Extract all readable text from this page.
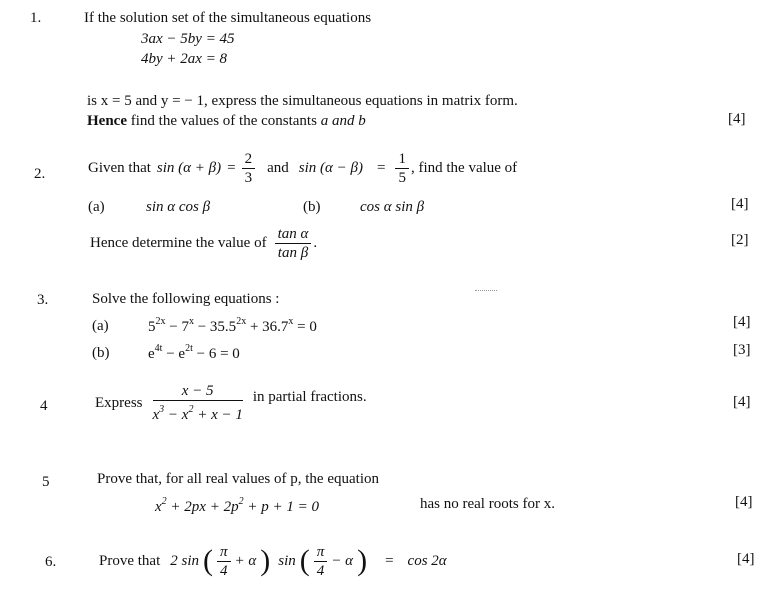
1.	If the solution set of the simultaneous equations
3ax − 5by = 45
4by + 2ax = 8
is x = 5 and y = − 1, express the simultaneous equations in matrix form.
Hence find the values of the constants a and b	[4]
2.	Given that $\sin (\alpha + \beta) = \frac{2}{3}$ and $\sin (\alpha - \beta) = \frac{1}{5}$ , find the value of
(a)	sin α cos β	(b)	cos α sin β	[4]
Hence determine the value of $\frac{\text{tan α}}{\text{tan β}}$ .	[2]
3.	Solve the following equations :
(a)	$5^{2x} - 7^x - 35.5^{2x} + 36.7^x = 0$	[4]
(b)	$e^{4t} - e^{2t} - 6 = 0$	[3]
4	Express $\frac{x - 5}{x^3 - x^2 + x - 1}$ in partial fractions.	[4]
5	Prove that, for all real values of p, the equation
$x^2 + 2px + 2p^2 + p + 1 = 0$	has no real roots for x.	[4]
6.	Prove that 2 sin ( $\frac{\pi}{4} + \alpha$ ) sin ( $\frac{\pi}{4} - \alpha$ ) = cos 2α	[4]
